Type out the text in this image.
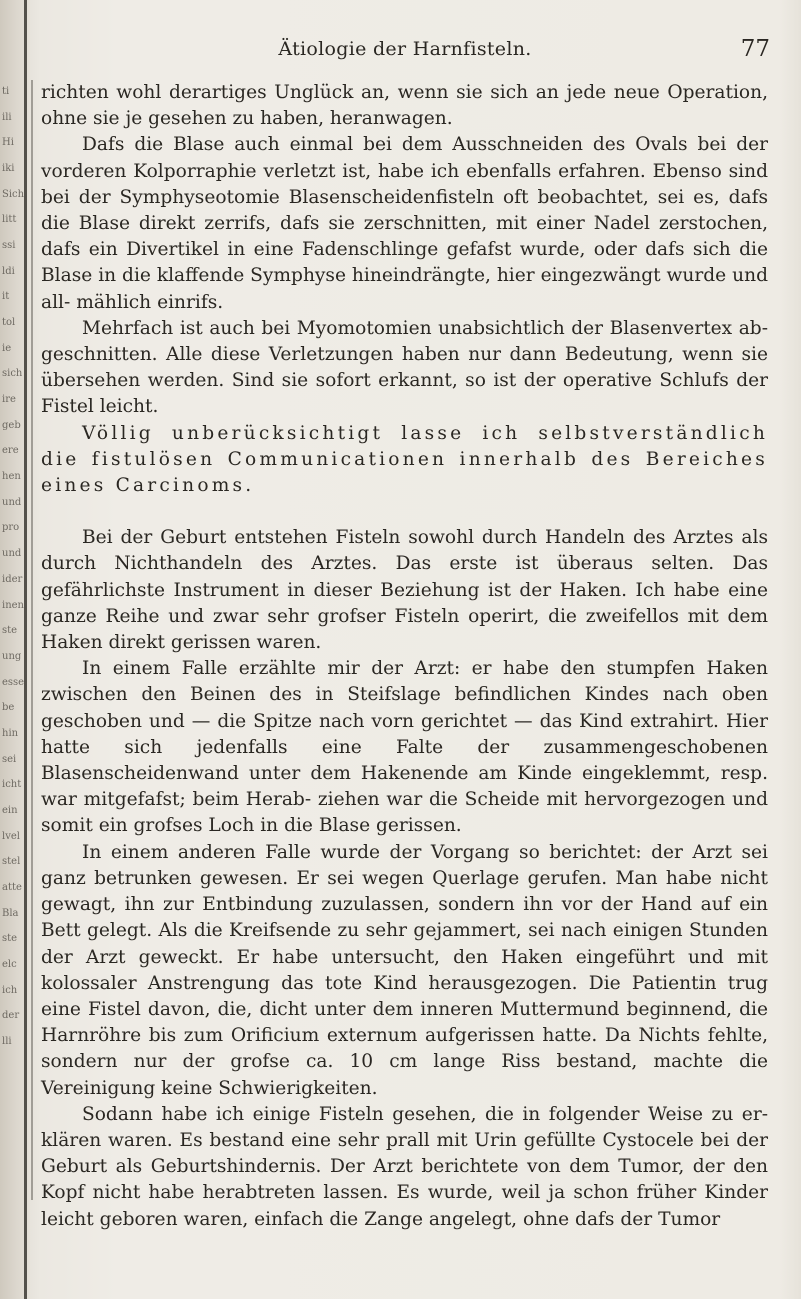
ti
ili
Hi
iki
Sich
litt
ssi
ldi
it
tol
ie
sich
ire
geb
ere
hen
und
pro
und
ider
inen
ste
ung
esse
be
hin
sei
icht
ein
lvel
stel
atte
Bla
ste
elc
ich
der
lli
Ätiologie der Harnfisteln.	77

richten wohl derartiges Unglück an, wenn sie sich an jede neue Operation, ohne sie je gesehen zu haben, heranwagen.

Dafs die Blase auch einmal bei dem Ausschneiden des Ovals bei der vorderen Kolporraphie verletzt ist, habe ich ebenfalls erfahren. Ebenso sind bei der Symphyseotomie Blasenscheidenfisteln oft beobachtet, sei es, dafs die Blase direkt zerrifs, dafs sie zerschnitten, mit einer Nadel zerstochen, dafs ein Divertikel in eine Fadenschlinge gefafst wurde, oder dafs sich die Blase in die klaffende Symphyse hineindrängte, hier eingezwängt wurde und all- mählich einrifs.

Mehrfach ist auch bei Myomotomien unabsichtlich der Blasenvertex ab- geschnitten. Alle diese Verletzungen haben nur dann Bedeutung, wenn sie übersehen werden. Sind sie sofort erkannt, so ist der operative Schlufs der Fistel leicht.

Völlig unberücksichtigt lasse ich selbstverständlich die fistulösen Communicationen innerhalb des Bereiches eines Carcinoms.

Bei der Geburt entstehen Fisteln sowohl durch Handeln des Arztes als durch Nichthandeln des Arztes. Das erste ist überaus selten. Das gefährlichste Instrument in dieser Beziehung ist der Haken. Ich habe eine ganze Reihe und zwar sehr grofser Fisteln operirt, die zweifellos mit dem Haken direkt gerissen waren.

In einem Falle erzählte mir der Arzt: er habe den stumpfen Haken zwischen den Beinen des in Steifslage befindlichen Kindes nach oben geschoben und — die Spitze nach vorn gerichtet — das Kind extrahirt. Hier hatte sich jedenfalls eine Falte der zusammengeschobenen Blasenscheidenwand unter dem Hakenende am Kinde eingeklemmt, resp. war mitgefafst; beim Herab- ziehen war die Scheide mit hervorgezogen und somit ein grofses Loch in die Blase gerissen.

In einem anderen Falle wurde der Vorgang so berichtet: der Arzt sei ganz betrunken gewesen. Er sei wegen Querlage gerufen. Man habe nicht gewagt, ihn zur Entbindung zuzulassen, sondern ihn vor der Hand auf ein Bett gelegt. Als die Kreifsende zu sehr gejammert, sei nach einigen Stunden der Arzt geweckt. Er habe untersucht, den Haken eingeführt und mit kolossaler Anstrengung das tote Kind herausgezogen. Die Patientin trug eine Fistel davon, die, dicht unter dem inneren Muttermund beginnend, die Harnröhre bis zum Orificium externum aufgerissen hatte. Da Nichts fehlte, sondern nur der grofse ca. 10 cm lange Riss bestand, machte die Vereinigung keine Schwierigkeiten.

Sodann habe ich einige Fisteln gesehen, die in folgender Weise zu er- klären waren. Es bestand eine sehr prall mit Urin gefüllte Cystocele bei der Geburt als Geburtshindernis. Der Arzt berichtete von dem Tumor, der den Kopf nicht habe herabtreten lassen. Es wurde, weil ja schon früher Kinder leicht geboren waren, einfach die Zange angelegt, ohne dafs der Tumor
